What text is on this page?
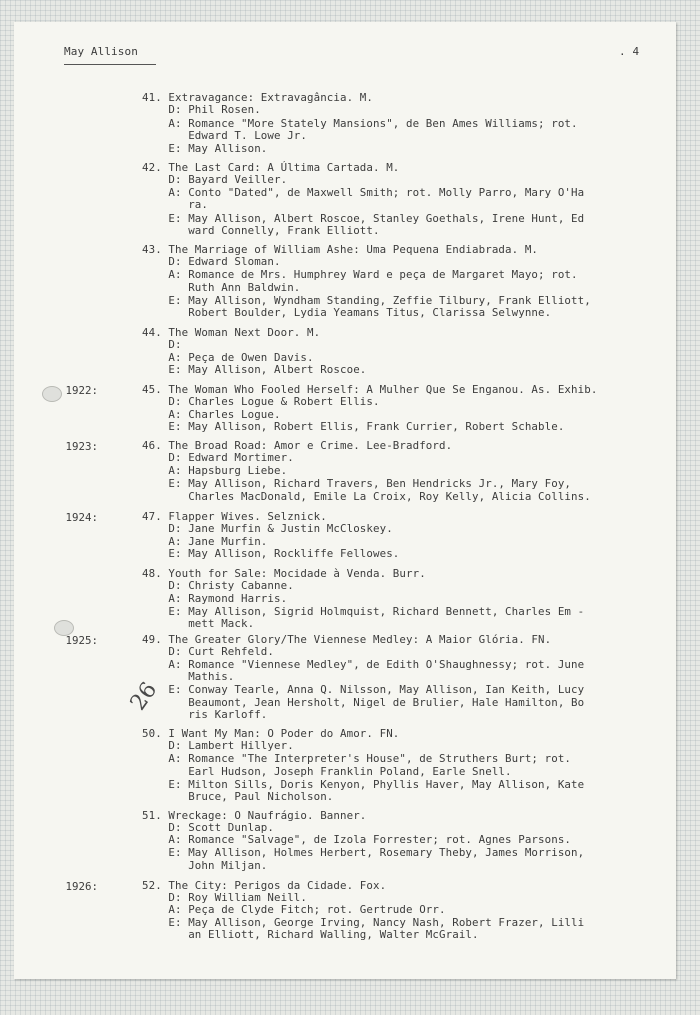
May Allison	. 4
26
1922:
1923:
1924:
1925:
1926:
41. Extravagance: Extravagância. M.
D: Phil Rosen.
A: Romance "More Stately Mansions", de Ben Ames Williams; rot.
Edward T. Lowe Jr.
E: May Allison.
42. The Last Card: A Última Cartada. M.
D: Bayard Veiller.
A: Conto "Dated", de Maxwell Smith; rot. Molly Parro, Mary O'Ha
ra.
E: May Allison, Albert Roscoe, Stanley Goethals, Irene Hunt, Ed
ward Connelly, Frank Elliott.
43. The Marriage of William Ashe: Uma Pequena Endiabrada. M.
D: Edward Sloman.
A: Romance de Mrs. Humphrey Ward e peça de Margaret Mayo; rot.
Ruth Ann Baldwin.
E: May Allison, Wyndham Standing, Zeffie Tilbury, Frank Elliott,
Robert Boulder, Lydia Yeamans Titus, Clarissa Selwynne.
44. The Woman Next Door. M.
D:
A: Peça de Owen Davis.
E: May Allison, Albert Roscoe.
45. The Woman Who Fooled Herself: A Mulher Que Se Enganou. As. Exhib.
D: Charles Logue & Robert Ellis.
A: Charles Logue.
E: May Allison, Robert Ellis, Frank Currier, Robert Schable.
46. The Broad Road: Amor e Crime. Lee-Bradford.
D: Edward Mortimer.
A: Hapsburg Liebe.
E: May Allison, Richard Travers, Ben Hendricks Jr., Mary Foy,
Charles MacDonald, Emile La Croix, Roy Kelly, Alicia Collins.
47. Flapper Wives. Selznick.
D: Jane Murfin & Justin McCloskey.
A: Jane Murfin.
E: May Allison, Rockliffe Fellowes.
48. Youth for Sale: Mocidade à Venda. Burr.
D: Christy Cabanne.
A: Raymond Harris.
E: May Allison, Sigrid Holmquist, Richard Bennett, Charles Em -
mett Mack.
49. The Greater Glory/The Viennese Medley: A Maior Glória. FN.
D: Curt Rehfeld.
A: Romance "Viennese Medley", de Edith O'Shaughnessy; rot. June
Mathis.
E: Conway Tearle, Anna Q. Nilsson, May Allison, Ian Keith, Lucy
Beaumont, Jean Hersholt, Nigel de Brulier, Hale Hamilton, Bo
ris Karloff.
50. I Want My Man: O Poder do Amor. FN.
D: Lambert Hillyer.
A: Romance "The Interpreter's House", de Struthers Burt; rot.
Earl Hudson, Joseph Franklin Poland, Earle Snell.
E: Milton Sills, Doris Kenyon, Phyllis Haver, May Allison, Kate
Bruce, Paul Nicholson.
51. Wreckage: O Naufrágio. Banner.
D: Scott Dunlap.
A: Romance "Salvage", de Izola Forrester; rot. Agnes Parsons.
E: May Allison, Holmes Herbert, Rosemary Theby, James Morrison,
John Miljan.
52. The City: Perigos da Cidade. Fox.
D: Roy William Neill.
A: Peça de Clyde Fitch; rot. Gertrude Orr.
E: May Allison, George Irving, Nancy Nash, Robert Frazer, Lilli
an Elliott, Richard Walling, Walter McGrail.
